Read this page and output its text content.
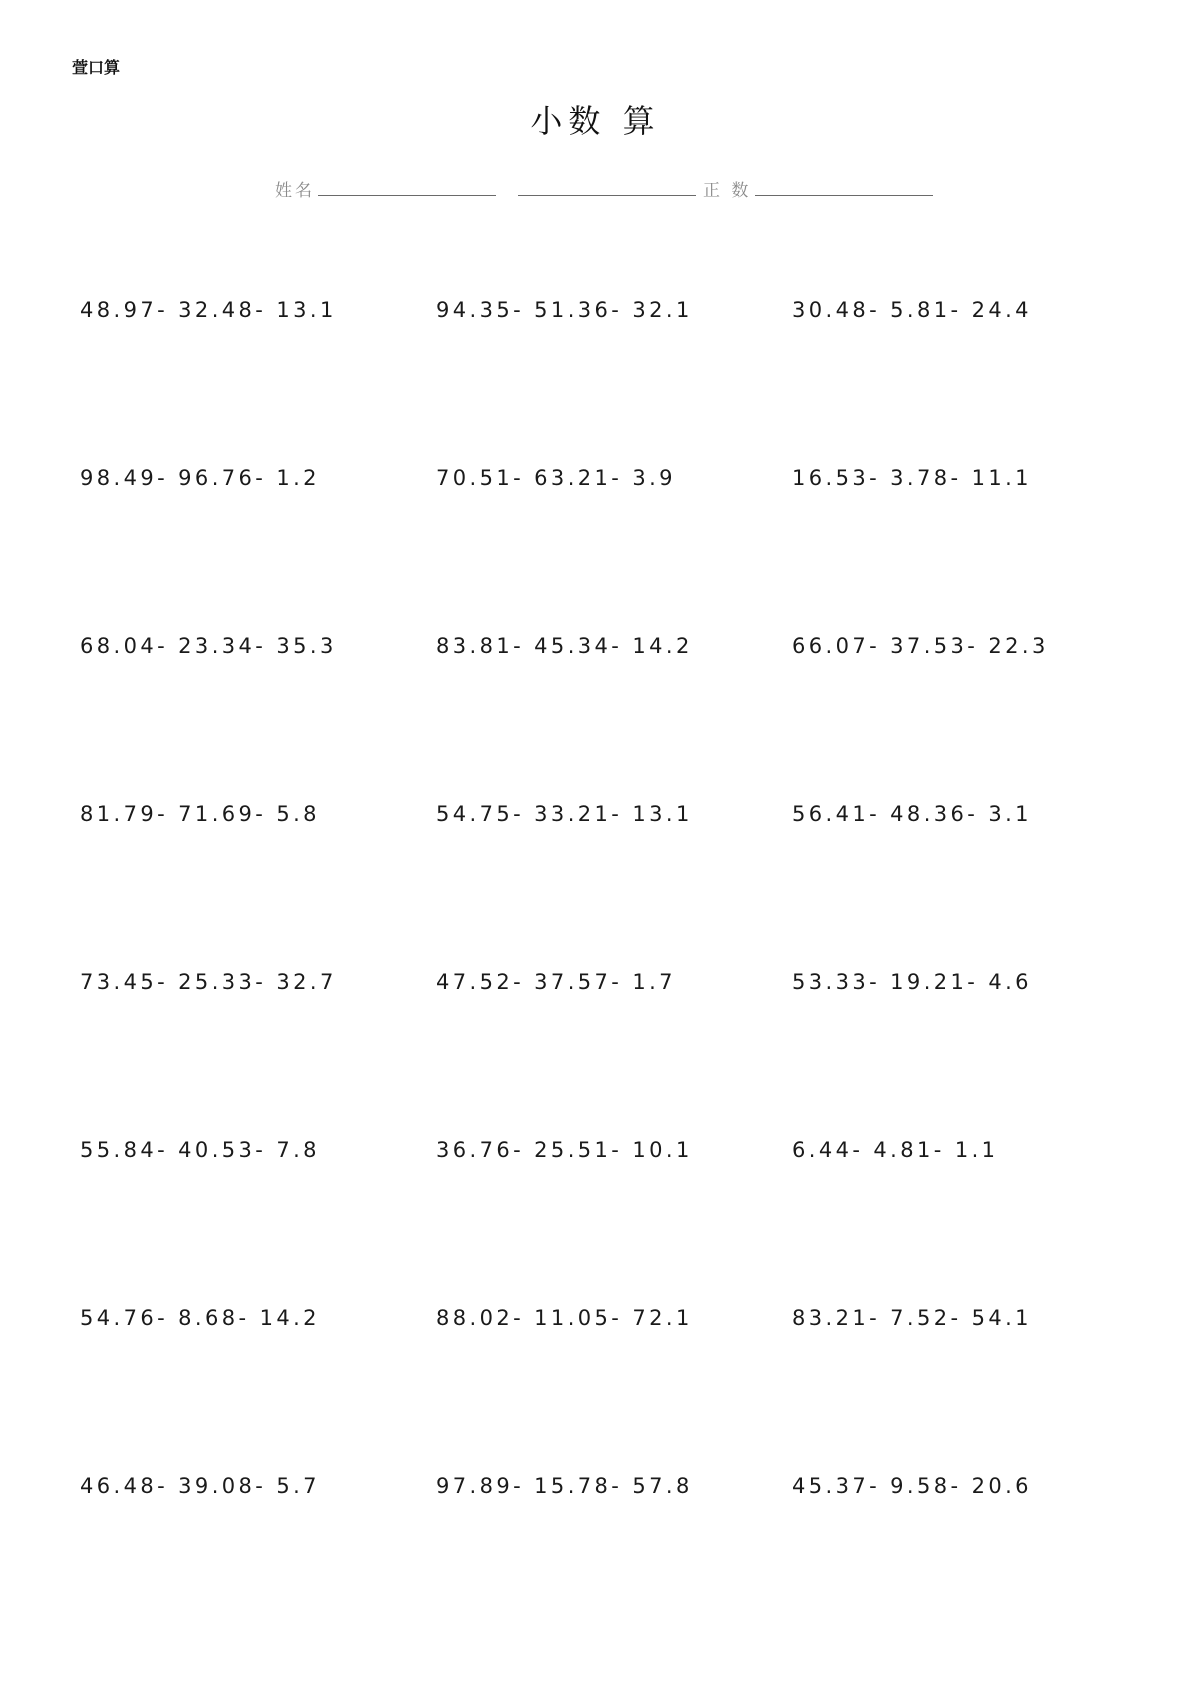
萱口算
小数 算
姓名	正 数
48.97- 32.48- 13.1	94.35- 51.36- 32.1	30.48- 5.81- 24.4
98.49- 96.76- 1.2	70.51- 63.21- 3.9	16.53- 3.78- 11.1
68.04- 23.34- 35.3	83.81- 45.34- 14.2	66.07- 37.53- 22.3
81.79- 71.69- 5.8	54.75- 33.21- 13.1	56.41- 48.36- 3.1
73.45- 25.33- 32.7	47.52- 37.57- 1.7	53.33- 19.21- 4.6
55.84- 40.53- 7.8	36.76- 25.51- 10.1	6.44- 4.81- 1.1
54.76- 8.68- 14.2	88.02- 11.05- 72.1	83.21- 7.52- 54.1
46.48- 39.08- 5.7	97.89- 15.78- 57.8	45.37- 9.58- 20.6
